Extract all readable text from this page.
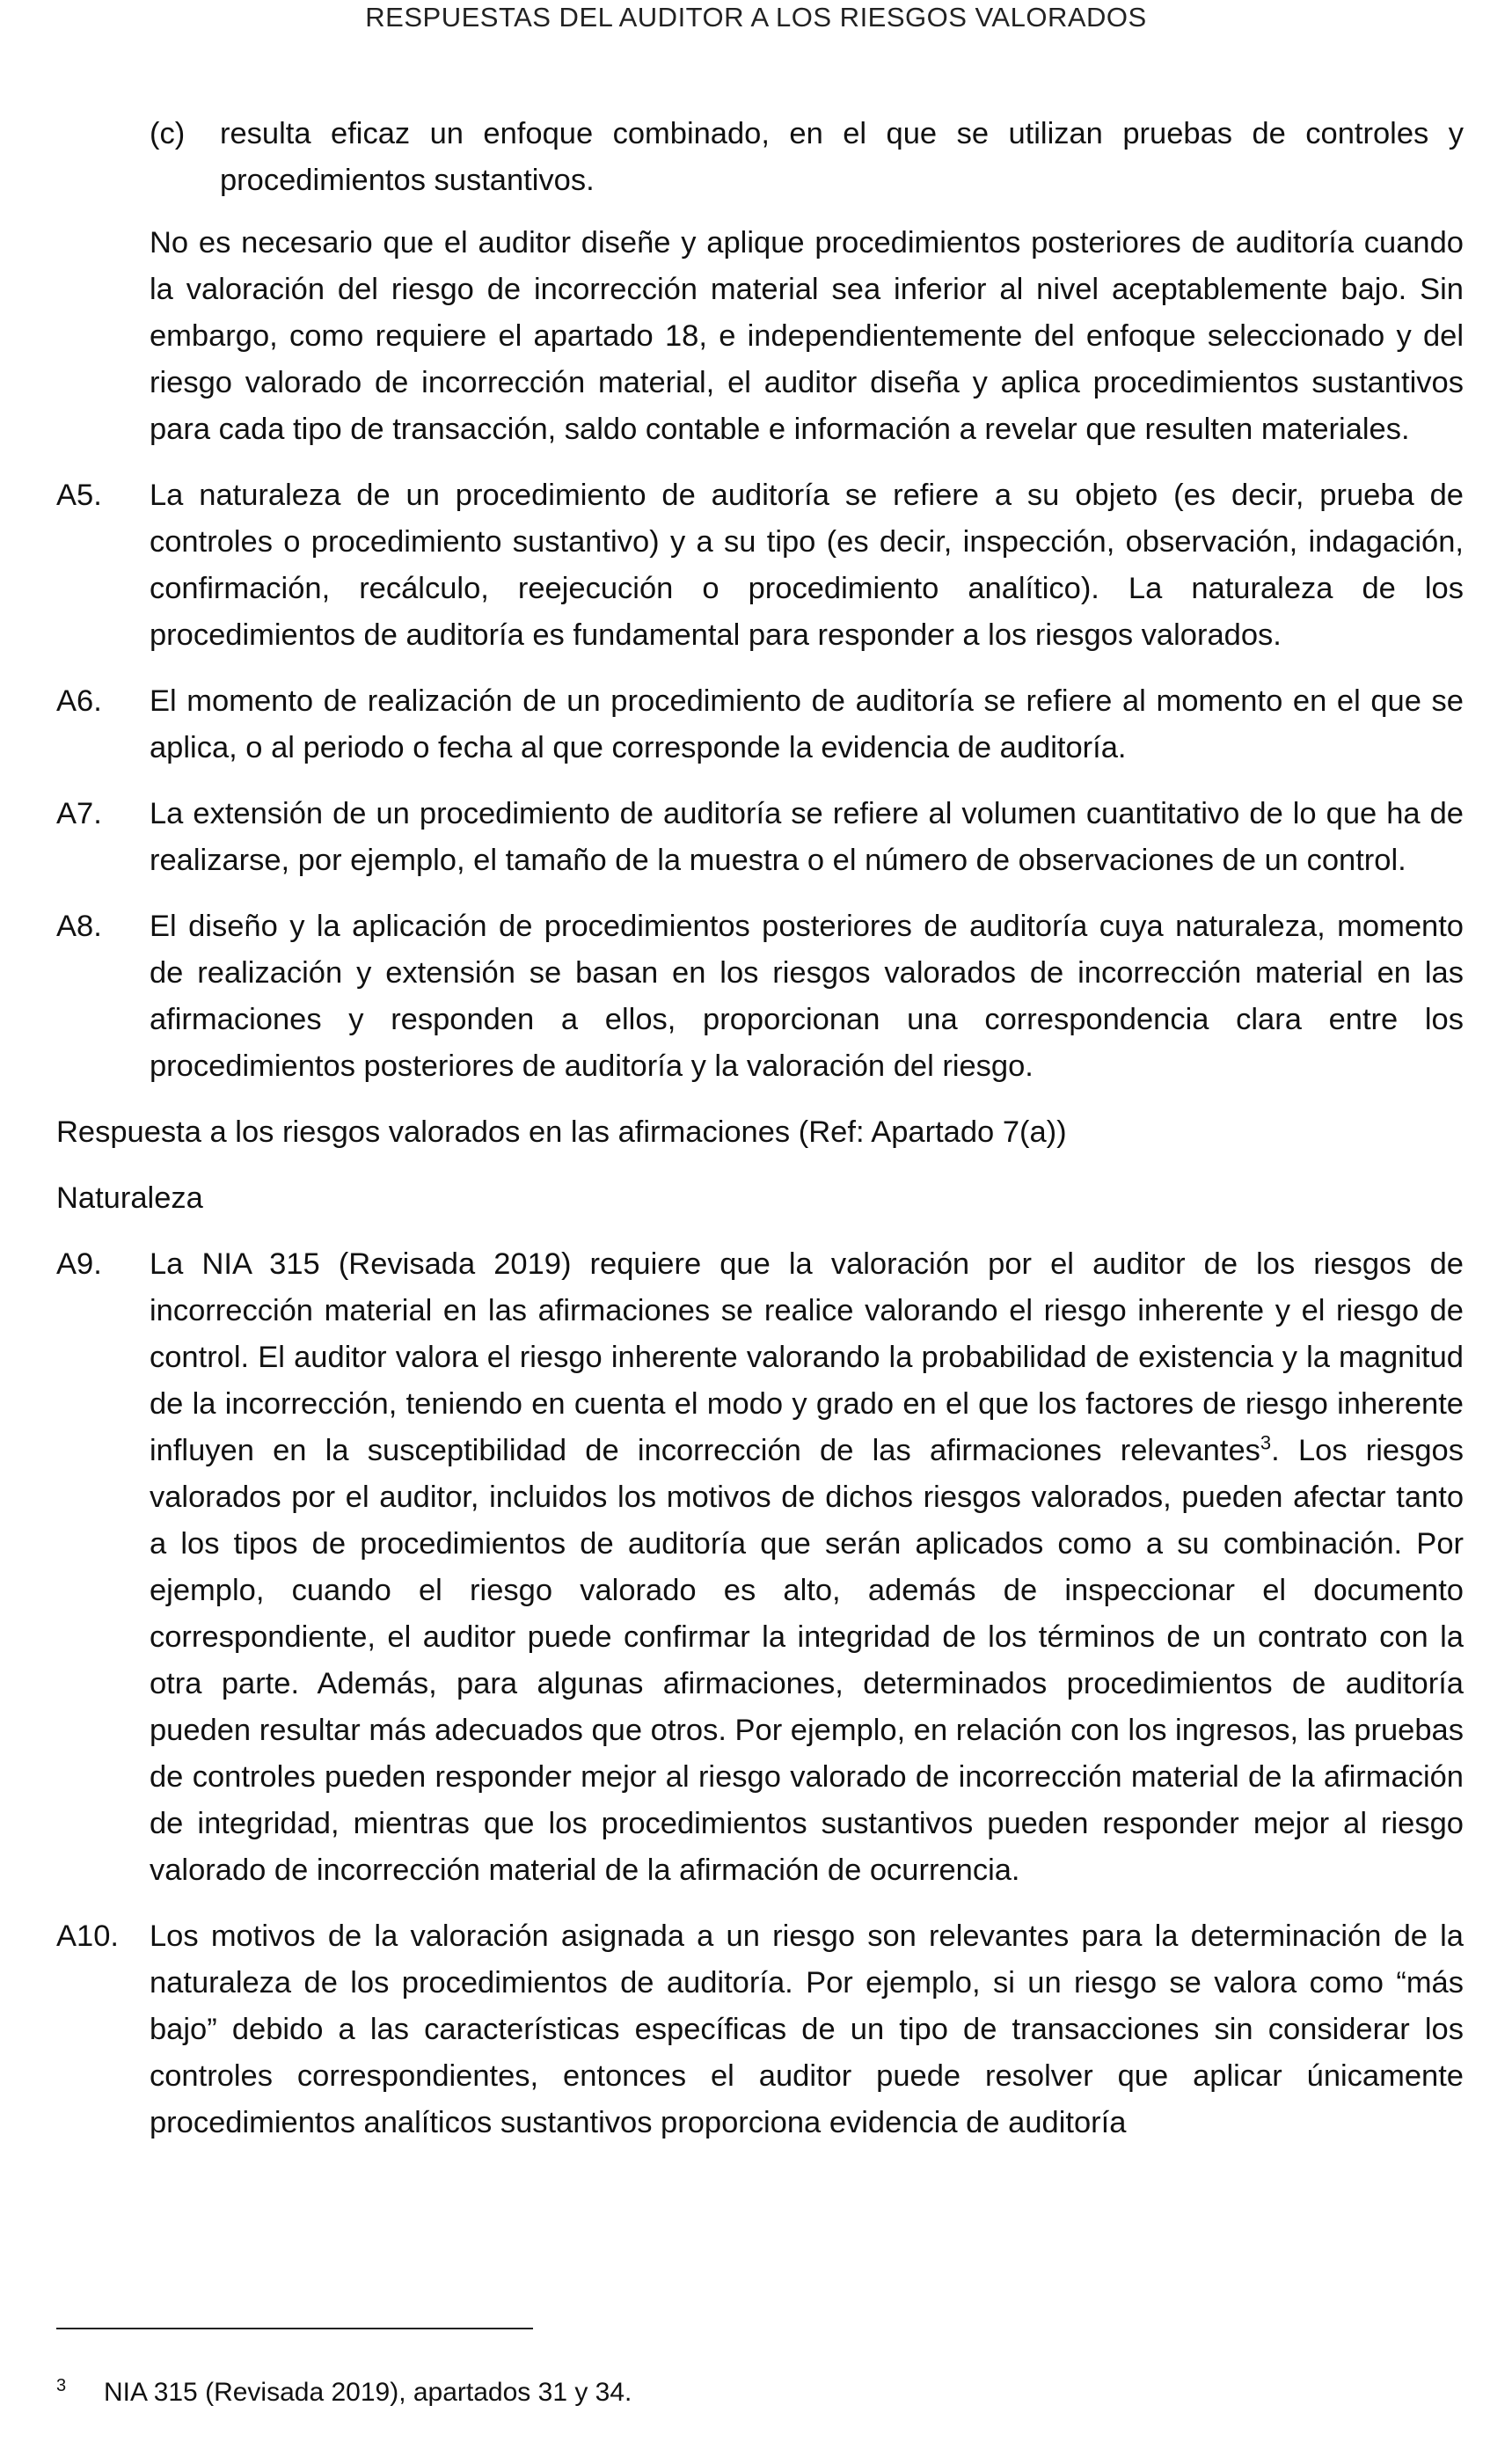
RESPUESTAS DEL AUDITOR A LOS RIESGOS VALORADOS
(c)	resulta eficaz un enfoque combinado, en el que se utilizan pruebas de controles y procedimientos sustantivos.

No es necesario que el auditor diseñe y aplique procedimientos posteriores de auditoría cuando la valoración del riesgo de incorrección material sea inferior al nivel aceptablemente bajo. Sin embargo, como requiere el apartado 18, e independientemente del enfoque seleccionado y del riesgo valorado de incorrección material, el auditor diseña y aplica procedimientos sustantivos para cada tipo de transacción, saldo contable e información a revelar que resulten materiales.

A5.	La naturaleza de un procedimiento de auditoría se refiere a su objeto (es decir, prueba de controles o procedimiento sustantivo) y a su tipo (es decir, inspección, observación, indagación, confirmación, recálculo, reejecución o procedimiento analítico). La naturaleza de los procedimientos de auditoría es fundamental para responder a los riesgos valorados.

A6.	El momento de realización de un procedimiento de auditoría se refiere al momento en el que se aplica, o al periodo o fecha al que corresponde la evidencia de auditoría.

A7.	La extensión de un procedimiento de auditoría se refiere al volumen cuantitativo de lo que ha de realizarse, por ejemplo, el tamaño de la muestra o el número de observaciones de un control.

A8.	El diseño y la aplicación de procedimientos posteriores de auditoría cuya naturaleza, momento de realización y extensión se basan en los riesgos valorados de incorrección material en las afirmaciones y responden a ellos, proporcionan una correspondencia clara entre los procedimientos posteriores de auditoría y la valoración del riesgo.

Respuesta a los riesgos valorados en las afirmaciones (Ref: Apartado 7(a))
Naturaleza
A9.	La NIA 315 (Revisada 2019) requiere que la valoración por el auditor de los riesgos de incorrección material en las afirmaciones se realice valorando el riesgo inherente y el riesgo de control. El auditor valora el riesgo inherente valorando la probabilidad de existencia y la magnitud de la incorrección, teniendo en cuenta el modo y grado en el que los factores de riesgo inherente influyen en la susceptibilidad de incorrección de las afirmaciones relevantes$^3$. Los riesgos valorados por el auditor, incluidos los motivos de dichos riesgos valorados, pueden afectar tanto a los tipos de procedimientos de auditoría que serán aplicados como a su combinación. Por ejemplo, cuando el riesgo valorado es alto, además de inspeccionar el documento correspondiente, el auditor puede confirmar la integridad de los términos de un contrato con la otra parte. Además, para algunas afirmaciones, determinados procedimientos de auditoría pueden resultar más adecuados que otros. Por ejemplo, en relación con los ingresos, las pruebas de controles pueden responder mejor al riesgo valorado de incorrección material de la afirmación de integridad, mientras que los procedimientos sustantivos pueden responder mejor al riesgo valorado de incorrección material de la afirmación de ocurrencia.

A10.	Los motivos de la valoración asignada a un riesgo son relevantes para la determinación de la naturaleza de los procedimientos de auditoría. Por ejemplo, si un riesgo se valora como “más bajo” debido a las características específicas de un tipo de transacciones sin considerar los controles correspondientes, entonces el auditor puede resolver que aplicar únicamente procedimientos analíticos sustantivos proporciona evidencia de auditoría

3	NIA 315 (Revisada 2019), apartados 31 y 34.
